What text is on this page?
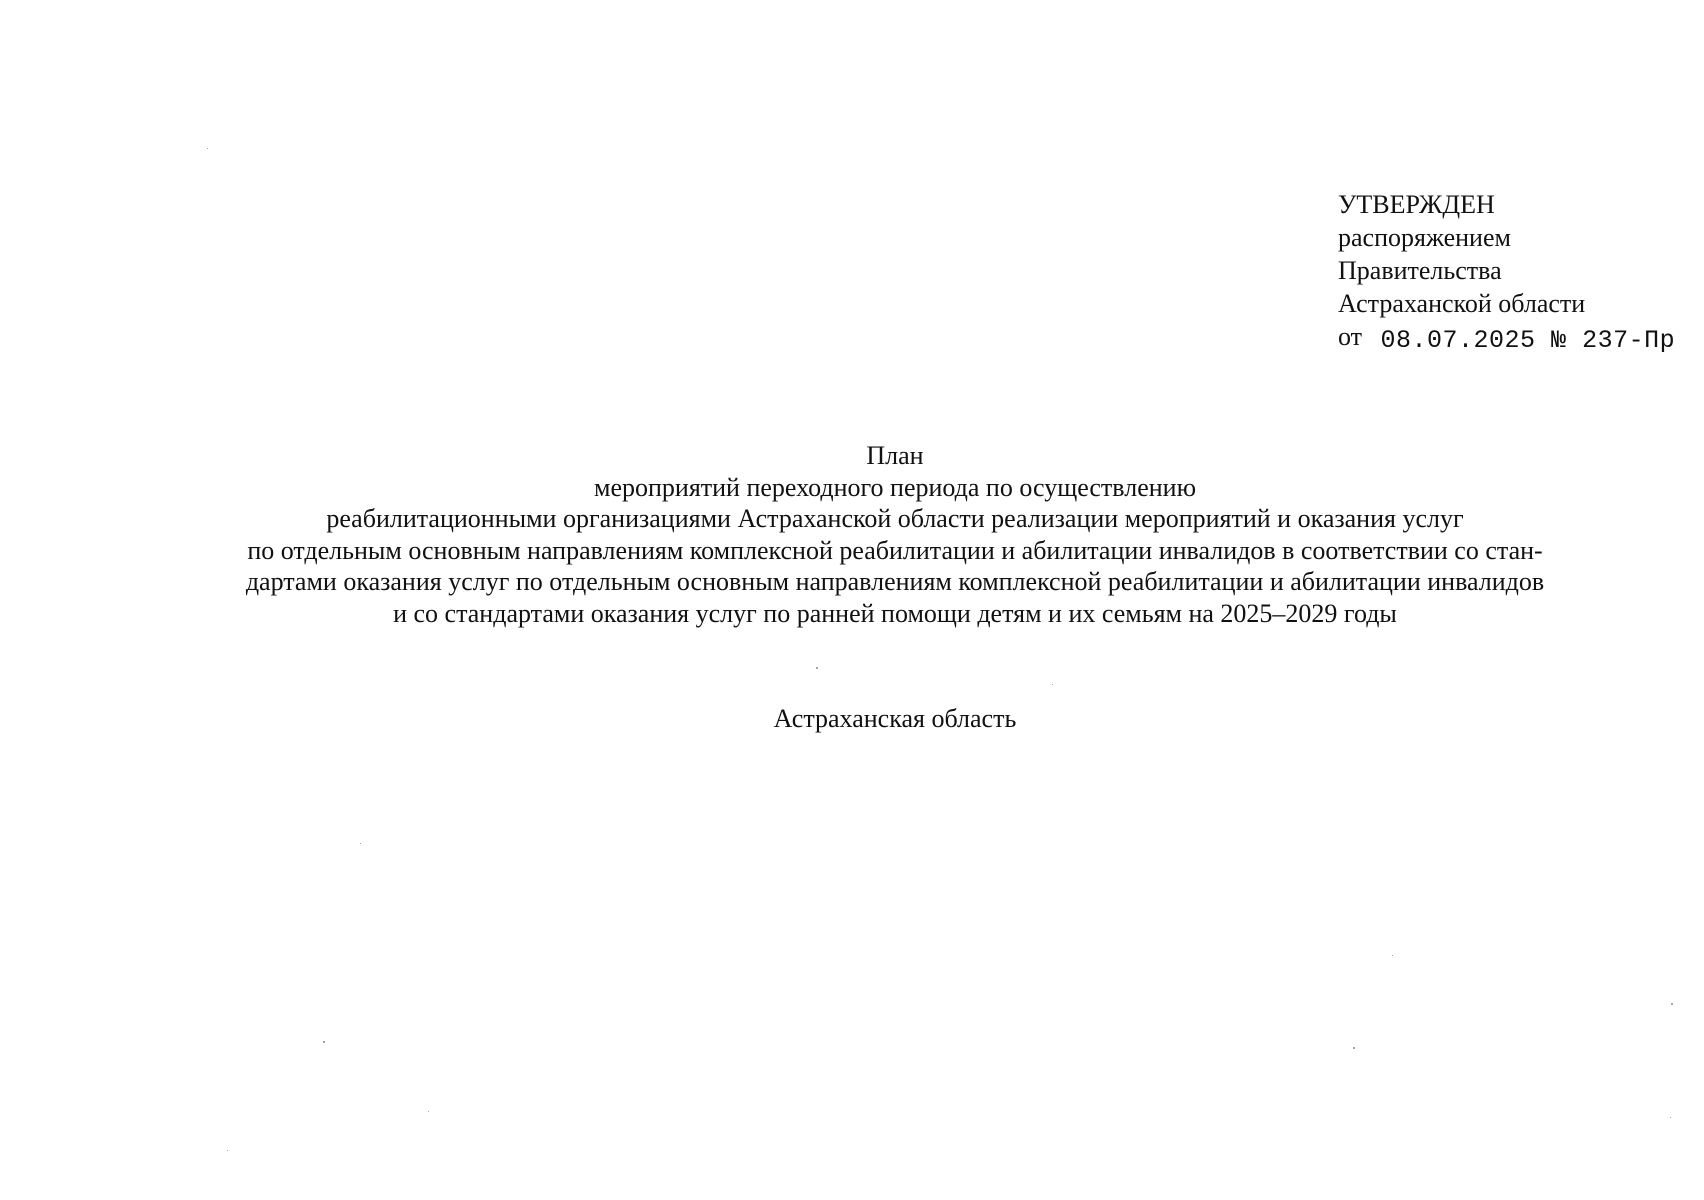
УТВЕРЖДЕН
распоряжением
Правительства
Астраханской области
от 08.07.2025 № 237-Пр
План
мероприятий переходного периода по осуществлению
реабилитационными организациями Астраханской области реализации мероприятий и оказания услуг
по отдельным основным направлениям комплексной реабилитации и абилитации инвалидов в соответствии со стан-
дартами оказания услуг по отдельным основным направлениям комплексной реабилитации и абилитации инвалидов
и со стандартами оказания услуг по ранней помощи детям и их семьям на 2025–2029 годы
Астраханская область
